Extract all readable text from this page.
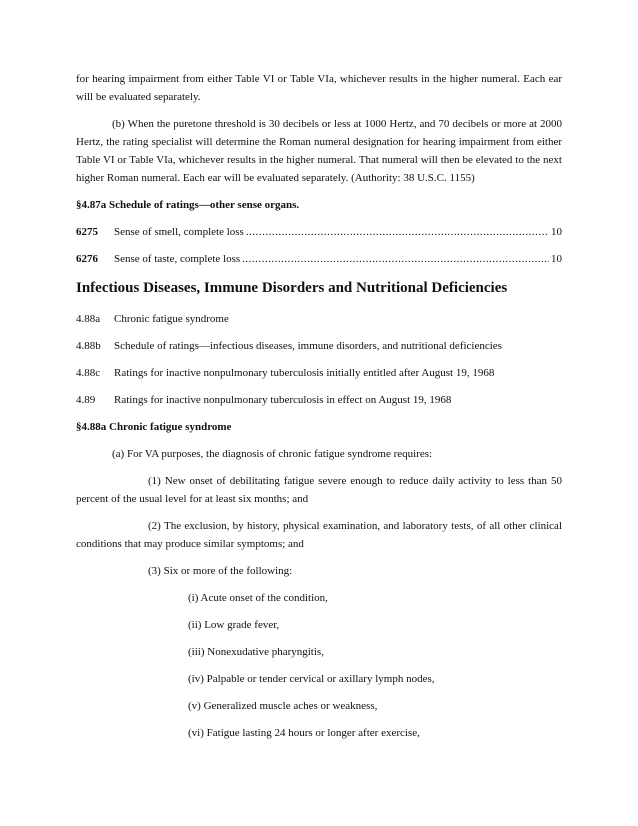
for hearing impairment from either Table VI or Table VIa, whichever results in the higher numeral. Each ear will be evaluated separately.

(b) When the puretone threshold is 30 decibels or less at 1000 Hertz, and 70 decibels or more at 2000 Hertz, the rating specialist will determine the Roman numeral designation for hearing impairment from either Table VI or Table VIa, whichever results in the higher numeral. That numeral will then be elevated to the next higher Roman numeral. Each ear will be evaluated separately. (Authority: 38 U.S.C. 1155)

§4.87a Schedule of ratings—other sense organs.

6275	Sense of smell, complete loss .....	10
6276	Sense of taste, complete loss .....	10

Infectious Diseases, Immune Disorders and Nutritional Deficiencies

4.88a	Chronic fatigue syndrome
4.88b	Schedule of ratings—infectious diseases, immune disorders, and nutritional deficiencies
4.88c	Ratings for inactive nonpulmonary tuberculosis initially entitled after August 19, 1968
4.89	Ratings for inactive nonpulmonary tuberculosis in effect on August 19, 1968

§4.88a Chronic fatigue syndrome

(a) For VA purposes, the diagnosis of chronic fatigue syndrome requires:

(1) New onset of debilitating fatigue severe enough to reduce daily activity to less than 50 percent of the usual level for at least six months; and

(2) The exclusion, by history, physical examination, and laboratory tests, of all other clinical conditions that may produce similar symptoms; and

(3) Six or more of the following:

(i) Acute onset of the condition,

(ii) Low grade fever,

(iii) Nonexudative pharyngitis,

(iv) Palpable or tender cervical or axillary lymph nodes,

(v) Generalized muscle aches or weakness,

(vi) Fatigue lasting 24 hours or longer after exercise,
